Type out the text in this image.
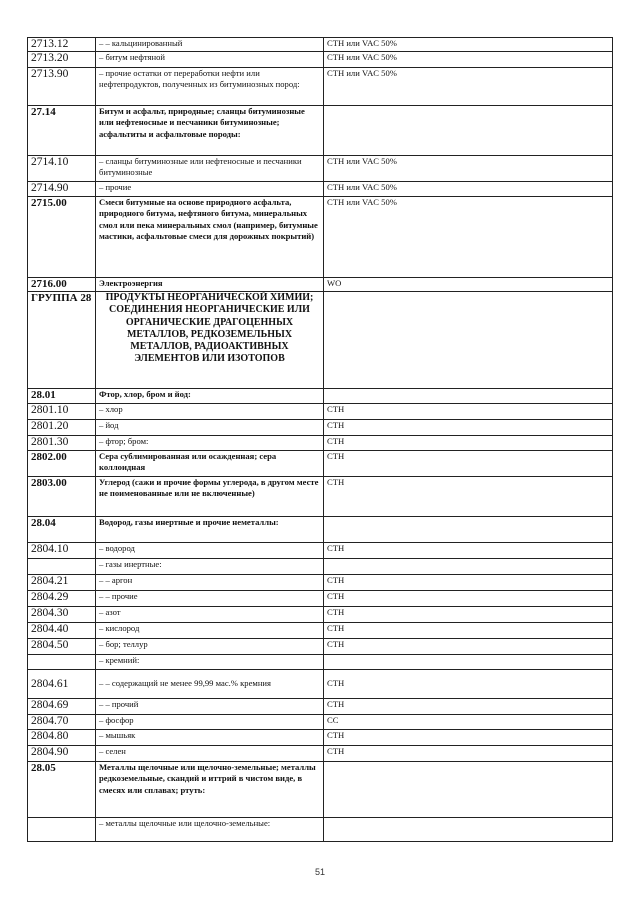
2713.12	– – кальцинированный	СТН или VAC 50%
2713.20	– битум нефтяной	СТН или VAC 50%
2713.90	– прочие остатки от переработки нефти или нефтепродуктов, полученных из битуминозных пород:	СТН или VAC 50%
27.14	Битум и асфальт, природные; сланцы битуминозные или нефтеносные и песчаники битуминозные; асфальтиты и асфальтовые породы:	
2714.10	– сланцы битуминозные или нефтеносные и песчаники битуминозные	СТН или VAC 50%
2714.90	– прочие	СТН или VAC 50%
2715.00	Смеси битумные на основе природного асфальта, природного битума, нефтяного битума, минеральных смол или пека минеральных смол (например, битумные мастики, асфальтовые смеси для дорожных покрытий)	СТН или VAC 50%
2716.00	Электроэнергия	WO
ГРУППА 28	ПРОДУКТЫ НЕОРГАНИЧЕСКОЙ ХИМИИ; СОЕДИНЕНИЯ НЕОРГАНИЧЕСКИЕ ИЛИ ОРГАНИЧЕСКИЕ ДРАГОЦЕННЫХ МЕТАЛЛОВ, РЕДКОЗЕМЕЛЬНЫХ МЕТАЛЛОВ, РАДИОАКТИВНЫХ ЭЛЕМЕНТОВ ИЛИ ИЗОТОПОВ	
28.01	Фтор, хлор, бром и йод:	
2801.10	– хлор	СТН
2801.20	– йод	СТН
2801.30	– фтор; бром:	СТН
2802.00	Сера сублимированная или осажденная; сера коллоидная	СТН
2803.00	Углерод (сажи и прочие формы углерода, в другом месте не поименованные или не включенные)	СТН
28.04	Водород, газы инертные и прочие неметаллы:	
2804.10	– водород	СТН
	– газы инертные:	
2804.21	– – аргон	СТН
2804.29	– – прочие	СТН
2804.30	– азот	СТН
2804.40	– кислород	СТН
2804.50	– бор; теллур	СТН
	– кремний:	
2804.61	– – содержащий не менее 99,99 мас.% кремния	СТН
2804.69	– – прочий	СТН
2804.70	– фосфор	СС
2804.80	– мышьяк	СТН
2804.90	– селен	СТН
28.05	Металлы щелочные или щелочно-земельные; металлы редкоземельные, скандий и иттрий в чистом виде, в смесях или сплавах; ртуть:	
	– металлы щелочные или щелочно-земельные:	
51
